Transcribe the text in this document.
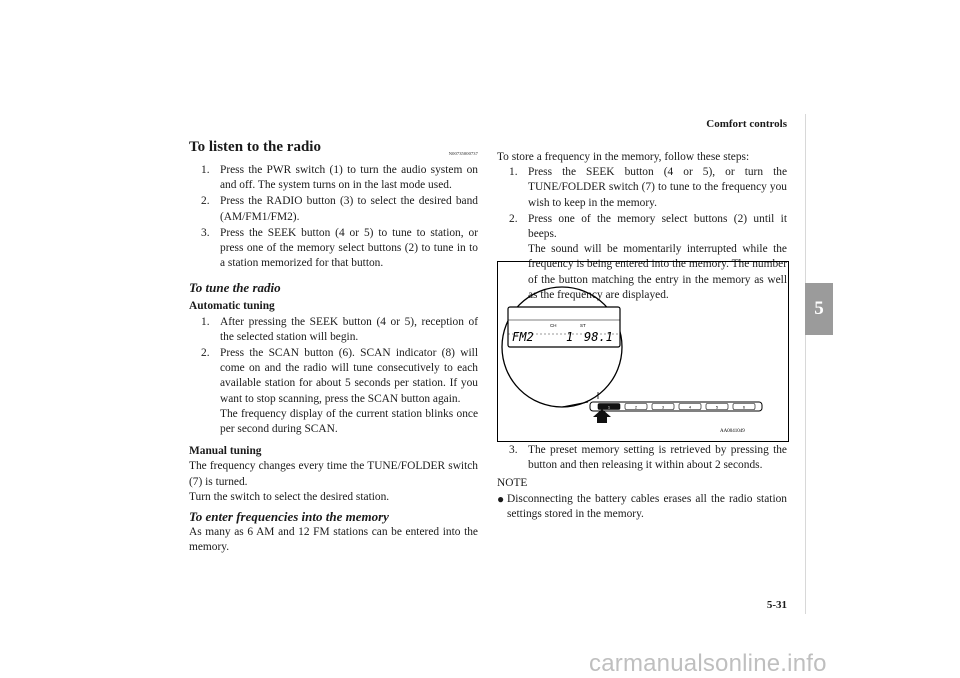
Comfort controls
5
5-31

To listen to the radio	N00735000737
1. Press the PWR switch (1) to turn the audio system on and off. The system turns on in the last mode used.
2. Press the RADIO button (3) to select the desired band (AM/FM1/FM2).
3. Press the SEEK button (4 or 5) to tune to station, or press one of the memory select buttons (2) to tune in to a station memorized for that button.

To tune the radio

Automatic tuning

1. After pressing the SEEK button (4 or 5), reception of the selected station will begin.
2. Press the SCAN button (6). SCAN indicator (8) will come on and the radio will tune consecutively to each available station for about 5 seconds per station. If you want to stop scanning, press the SCAN button again.

The frequency display of the current station blinks once per second during SCAN.

Manual tuning

The frequency changes every time the TUNE/FOLDER switch (7) is turned.

Turn the switch to select the desired station.

To enter frequencies into the memory

As many as 6 AM and 12 FM stations can be entered into the memory.

To store a frequency in the memory, follow these steps:

1. Press the SEEK button (4 or 5), or turn the TUNE/FOLDER switch (7) to tune to the frequency you wish to keep in the memory.
2. Press one of the memory select buttons (2) until it beeps.

The sound will be momentarily interrupted while the frequency is being entered into the memory. The number of the button matching the entry in the memory as well as the frequency are displayed.

CH	ST
FM2	1 98.1
1	2	3	4	5	6
AA0041049
3. The preset memory setting is retrieved by pressing the button and then releasing it within about 2 seconds.

NOTE

● Disconnecting the battery cables erases all the radio station settings stored in the memory.
carmanualsonline.info
